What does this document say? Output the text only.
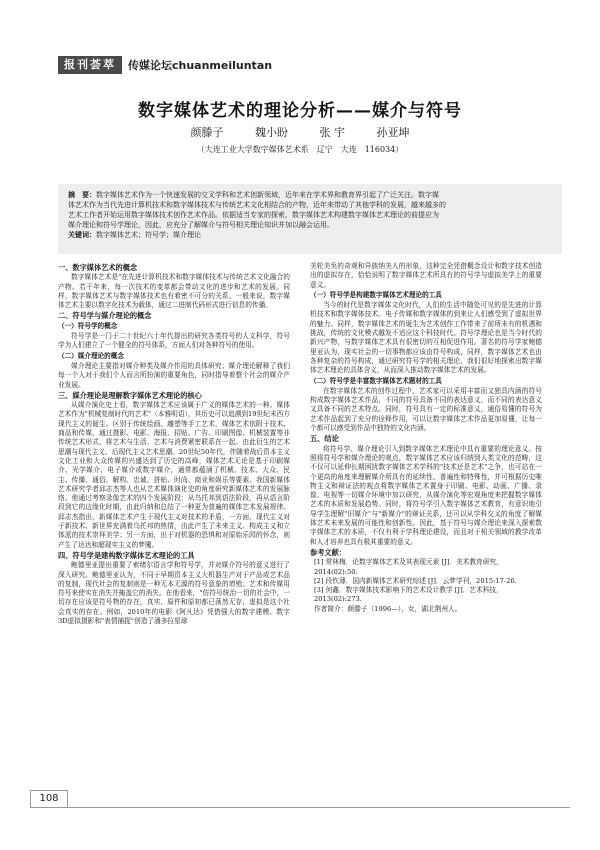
报刊荟萃	传媒论坛chuanmeiluntan
数字媒体艺术的理论分析——媒介与符号
颜滕子	魏小盼	张 宇	孙亚坤
（大连工业大学数字媒体艺术系　辽宁　大连　116034）
摘　要：数字媒体艺术作为一个快速发展的交叉学科和艺术创新领域，近年来在学术界和教育界引起了广泛关注。数字媒
体艺术作为当代先进计算机技术和数字媒体技术与传统艺术文化相结合的产物，近年来带动了其他学科的发展，越来越多的
艺术工作者开始运用数字媒体技术创作艺术作品。依据适当专家的探索，数字媒体艺术构建数字媒体艺术理论的前提应为
媒介理论和符号学理论，因此，应充分了解媒介与符号相关理论知识并加以融会运用。
关键词：数字媒体艺术；符号学；媒介理论
一、数字媒体艺术的概念
数字媒体艺术是"在先进计算机技术和数字媒体技术与传统艺术文化融合的产物。若干年来，每一次技术的变革都会带动文化的进步和艺术的发展。同样，数字媒体艺术与数字媒体技术也有着密不可分的关系。一般来说，数字媒体艺术主要以数字化技术为载体，通过二进制代码形式进行信息的传播。
二、符号学与媒介理论的概念
（一）符号学的概念
符号学是一门于二十世纪六十年代提出的研究各类符号的人文科学，符号学为人们建立了一个健全的符号体系，方面人们对各种符号的使用。
（二）媒介理论的概念
媒介理论主要指对媒介种类及媒介作用的具体研究；媒介理论解释了我们每一个人对于我们个人而言所扮演的重要角色，同时指导着整个社会的媒介产业发展。
三、媒介理论是理解数字媒体艺术理论的核心
从媒介演化史上看，数字媒体艺术应该属于广义的媒体艺术的一种。媒体艺术作为"机械复制时代的艺术"（本雅明语），其历史可以追溯到19世纪末西方现代主义的诞生。区别于传统绘画、雕塑等手工艺术，媒体艺术依附于技术、商品和传媒，通过摄影、电影、海报、招贴、广告、印刷图像、机械装置等非传统艺术形式，将艺术与生活、艺术与消费紧密联系在一起。由此衍生的艺术思潮与现代主义、后现代主义艺术思潮。20世纪50年代，伴随着战后资本主义文化工业和大众传媒的兴盛达到了历史的高峰，媒体艺术无论是基于印刷媒介、光学媒介、电子媒介或数字媒介，通常都蕴涵了机械、技术、大众、民主、传播、通俗、解构、忠诚、拼贴、时尚、商业和娱乐等要素。我国新媒体艺术研究学者邱志杰等人也从艺术媒体演化史的角度研究新媒体艺术的发展脉络。他通过考察录像艺术的四个发展阶段：从乌托邦到语法阶段，再从语言阶段到它的边缘化时期，由此归纳和总结了一种更为普遍的媒体艺术发展规律。邱志杰指出，新媒体艺术产生于现代主义对技术的矛盾，一方面，现代主义对于新技术、新世界充满着乌托邦的热情，由此产生了未来主义、构成主义和立体派的技术崇拜美学；另一方面，出于对机器的恐惧和对原始乐园的怀念，则产生了达达和超现实主义的梦魇。
四、符号学是建构数字媒体艺术理论的工具
鲍德里亚提出重要了索绪尔语言学和符号学，并对媒介符号的意义进行了深入研究。鲍德里亚认为，不同于早期资本主义大机器生产对于产品或艺术品的复制，现代社会的复制则是一种无本无源的符号意象的增殖；艺术和传媒用符号来使实在消失并掩盖它的消失。在他看来，"仿符号统治一切的社会中，一切存在应该是符号物的存在，真实、原件和原初都已荡然无存，虚拟是这个社会真实的存在。例如，2010年的电影《阿凡达》凭借强大的数字建模、数字3D虚拟摄影和"表情捕捉"创造了潘多拉星球
美轮美奂的奇观和异族纳美人的形象，这种完全凭借概念设计和数字技术创造出的虚拟存在，恰恰说明了数字媒体艺术所具有的符号学与虚拟美学上的重要意义。
（一）符号学是构建数字媒体艺术理论的工具
当今的时代是数字媒体文化时代，人们的生活中随处可见的是先进的计算机技术和数字媒体技术。电子传媒和数字媒体的到来让人们感受到了虚拟世界的魅力。同样，数字媒体艺术的诞生为艺术创作工作带来了前所未有的机遇和挑战，传统的文化模式越发不适应这个科技时代。符号学理论也是当今时代的新兴产物，与数字媒体艺术具有很密切的互相促进作用。著名的符号学家鲍德里亚认为，现实社会的一切事物都应该由符号构成，同样，数字媒体艺术也由各种复杂的符号构成，通过研究符号学的相关理论，我们很好地探索出数字媒体艺术理论的具体含义，从而深入推动数字媒体艺术的发展。
（二）符号学是丰富数字媒体艺术题材的工具
在数字媒体艺术的创作过程中，艺术家可以采用丰富而又独具内涵的符号构成数字媒体艺术作品，不同的符号具备不同的表达意义，而不同的表达意义又具备不同的艺术特点。同时，符号具有一定的标准意义，通俗易懂的符号为艺术作品起到了充分的诠释作用，可以让数字媒体艺术作品更加易懂，让每一个都可以感受到作品中独特的文化内涵。
五、结论
将符号学、媒介理论引入到数字媒体艺术理论中具有重要的理论意义。按照将符号学和媒介理论的观点，数字媒体艺术应该归纳到人类文化的范畴，这不仅可以延伸长期困扰数字媒体艺术学科的"技术还是艺术"之争，也可站在一个更高的角度来理解媒介所具有的延续性、普遍性和特殊性，并可根据历史唯物主义和辩证法的观点将数字媒体艺术置身于印刷、电影、动画、广播、录像、电视等一切媒介环境中加以研究，从媒介演化等宏观角度来把握数字媒体艺术的本质和发展趋势。同时，将符号学引入数字媒体艺术教育，有意识地引导学生理解"旧媒介"与"新媒介"的辩证关系，还可以从学科交叉的角度了解媒体艺术未来发展的可能性和创新性。因此，基于符号与媒介理论来深入探索数字媒体艺术的本质，不仅有利于学科理论建设，而且对于相关领域的教学改革和人才培养也具有极其重要的意义。
参考文献：
[1] 常林梅．论数字媒体艺术及其表现元素 [J]．美术教育研究，2014(02):50.
[2] 段钦薄．国内新媒体艺术研究综述 [J]．云梦学刊，2015:17-26.
[3] 何鑫．数字媒体技术影响下的艺术设计教学 [J]．艺术科技，2013(02):273.
作者简介：颜滕子（1996—），女，湖北荆州人。
108
